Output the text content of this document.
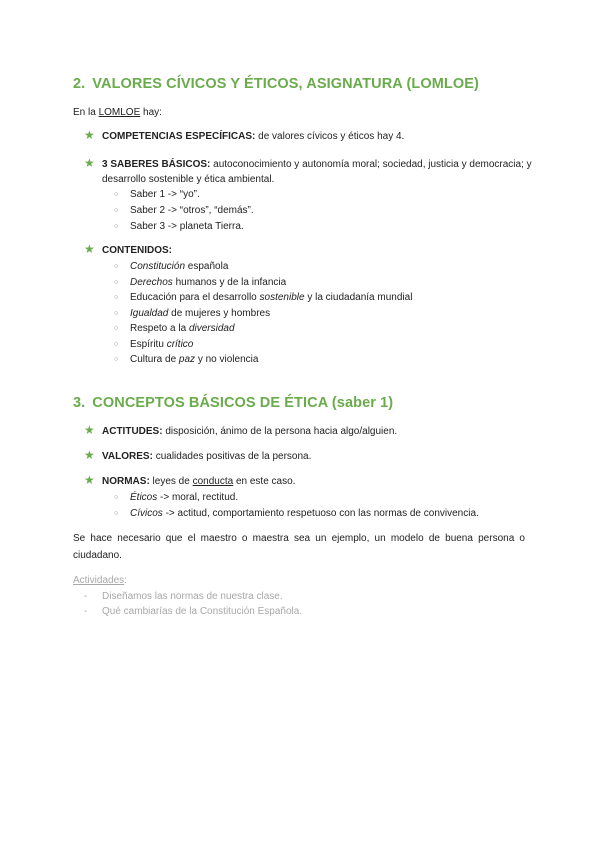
2. VALORES CÍVICOS Y ÉTICOS, ASIGNATURA (LOMLOE)
En la LOMLOE hay:
★ COMPETENCIAS ESPECÍFICAS: de valores cívicos y éticos hay 4.
★ 3 SABERES BÁSICOS: autoconocimiento y autonomía moral; sociedad, justicia y democracia; y
desarrollo sostenible y ética ambiental.
○ Saber 1 -> “yo”.
○ Saber 2 -> “otros”, “demás”.
○ Saber 3 -> planeta Tierra.
★ CONTENIDOS:
○ Constitución española
○ Derechos humanos y de la infancia
○ Educación para el desarrollo sostenible y la ciudadanía mundial
○ Igualdad de mujeres y hombres
○ Respeto a la diversidad
○ Espíritu crítico
○ Cultura de paz y no violencia
3. CONCEPTOS BÁSICOS DE ÉTICA (saber 1)
★ ACTITUDES: disposición, ánimo de la persona hacia algo/alguien.
★ VALORES: cualidades positivas de la persona.
★ NORMAS: leyes de conducta en este caso.
○ Éticos -> moral, rectitud.
○ Cívicos -> actitud, comportamiento respetuoso con las normas de convivencia.
Se hace necesario que el maestro o maestra sea un ejemplo, un modelo de buena persona o ciudadano.
Actividades:
- Diseñamos las normas de nuestra clase.
- Qué cambiarías de la Constitución Española.
